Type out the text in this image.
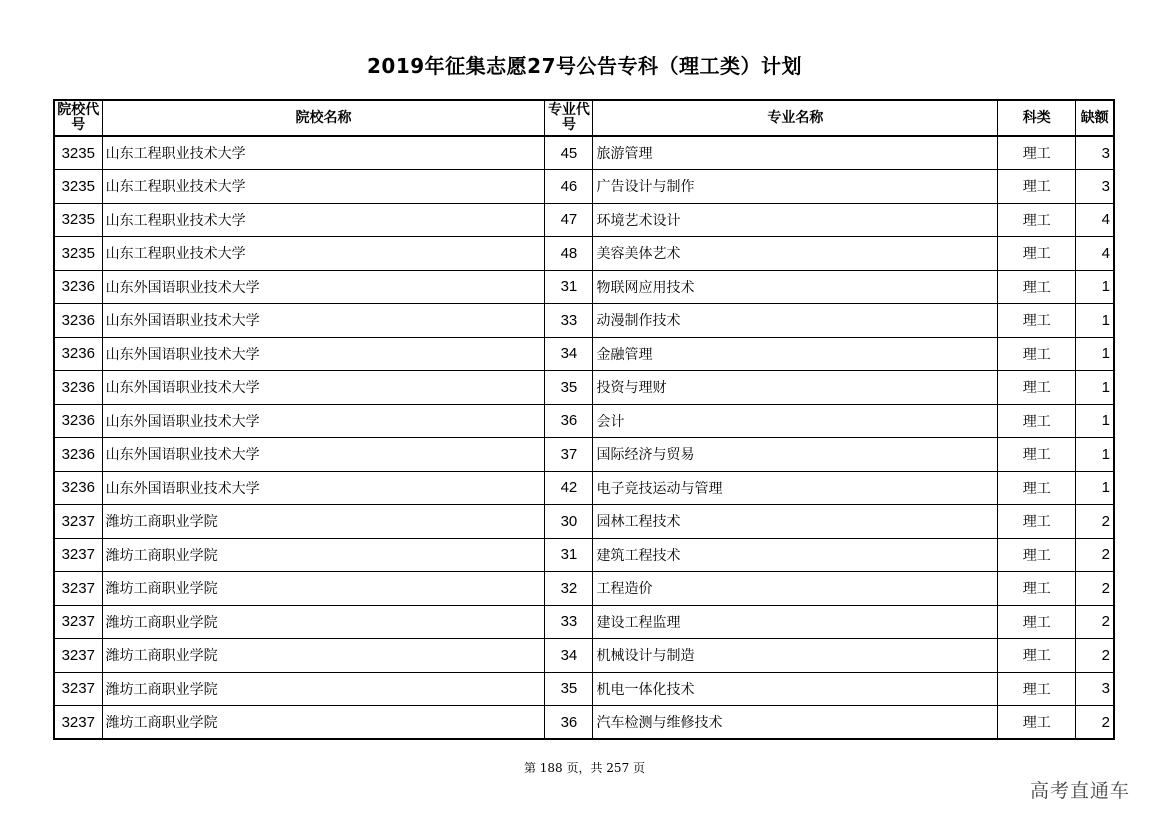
2019年征集志愿27号公告专科（理工类）计划
院校代号	院校名称	专业代号	专业名称	科类	缺额
3235	山东工程职业技术大学	45	旅游管理	理工	3
3235	山东工程职业技术大学	46	广告设计与制作	理工	3
3235	山东工程职业技术大学	47	环境艺术设计	理工	4
3235	山东工程职业技术大学	48	美容美体艺术	理工	4
3236	山东外国语职业技术大学	31	物联网应用技术	理工	1
3236	山东外国语职业技术大学	33	动漫制作技术	理工	1
3236	山东外国语职业技术大学	34	金融管理	理工	1
3236	山东外国语职业技术大学	35	投资与理财	理工	1
3236	山东外国语职业技术大学	36	会计	理工	1
3236	山东外国语职业技术大学	37	国际经济与贸易	理工	1
3236	山东外国语职业技术大学	42	电子竞技运动与管理	理工	1
3237	潍坊工商职业学院	30	园林工程技术	理工	2
3237	潍坊工商职业学院	31	建筑工程技术	理工	2
3237	潍坊工商职业学院	32	工程造价	理工	2
3237	潍坊工商职业学院	33	建设工程监理	理工	2
3237	潍坊工商职业学院	34	机械设计与制造	理工	2
3237	潍坊工商职业学院	35	机电一体化技术	理工	3
3237	潍坊工商职业学院	36	汽车检测与维修技术	理工	2
第 188 页，共 257 页
高考直通车
